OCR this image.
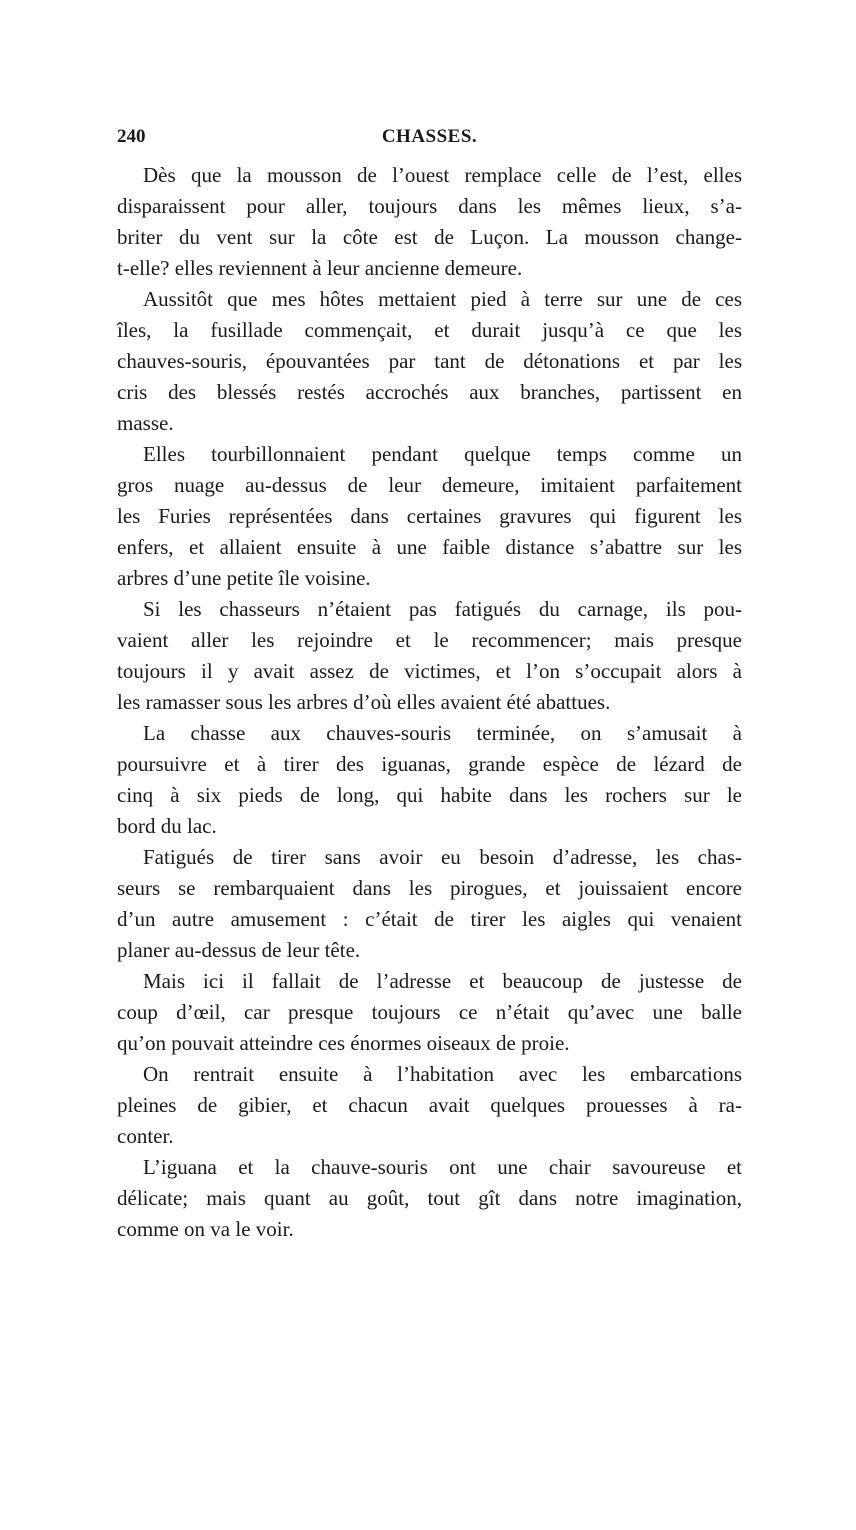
240	CHASSES.
Dès que la mousson de l’ouest remplace celle de l’est, elles
disparaissent pour aller, toujours dans les mêmes lieux, s’a-
briter du vent sur la côte est de Luçon. La mousson change-
t-elle? elles reviennent à leur ancienne demeure.
Aussitôt que mes hôtes mettaient pied à terre sur une de ces
îles, la fusillade commençait, et durait jusqu’à ce que les
chauves-souris, épouvantées par tant de détonations et par les
cris des blessés restés accrochés aux branches, partissent en
masse.
Elles tourbillonnaient pendant quelque temps comme un
gros nuage au-dessus de leur demeure, imitaient parfaitement
les Furies représentées dans certaines gravures qui figurent les
enfers, et allaient ensuite à une faible distance s’abattre sur les
arbres d’une petite île voisine.
Si les chasseurs n’étaient pas fatigués du carnage, ils pou-
vaient aller les rejoindre et le recommencer; mais presque
toujours il y avait assez de victimes, et l’on s’occupait alors à
les ramasser sous les arbres d’où elles avaient été abattues.
La chasse aux chauves-souris terminée, on s’amusait à
poursuivre et à tirer des iguanas, grande espèce de lézard de
cinq à six pieds de long, qui habite dans les rochers sur le
bord du lac.
Fatigués de tirer sans avoir eu besoin d’adresse, les chas-
seurs se rembarquaient dans les pirogues, et jouissaient encore
d’un autre amusement : c’était de tirer les aigles qui venaient
planer au-dessus de leur tête.
Mais ici il fallait de l’adresse et beaucoup de justesse de
coup d’œil, car presque toujours ce n’était qu’avec une balle
qu’on pouvait atteindre ces énormes oiseaux de proie.
On rentrait ensuite à l’habitation avec les embarcations
pleines de gibier, et chacun avait quelques prouesses à ra-
conter.
L’iguana et la chauve-souris ont une chair savoureuse et
délicate; mais quant au goût, tout gît dans notre imagination,
comme on va le voir.
